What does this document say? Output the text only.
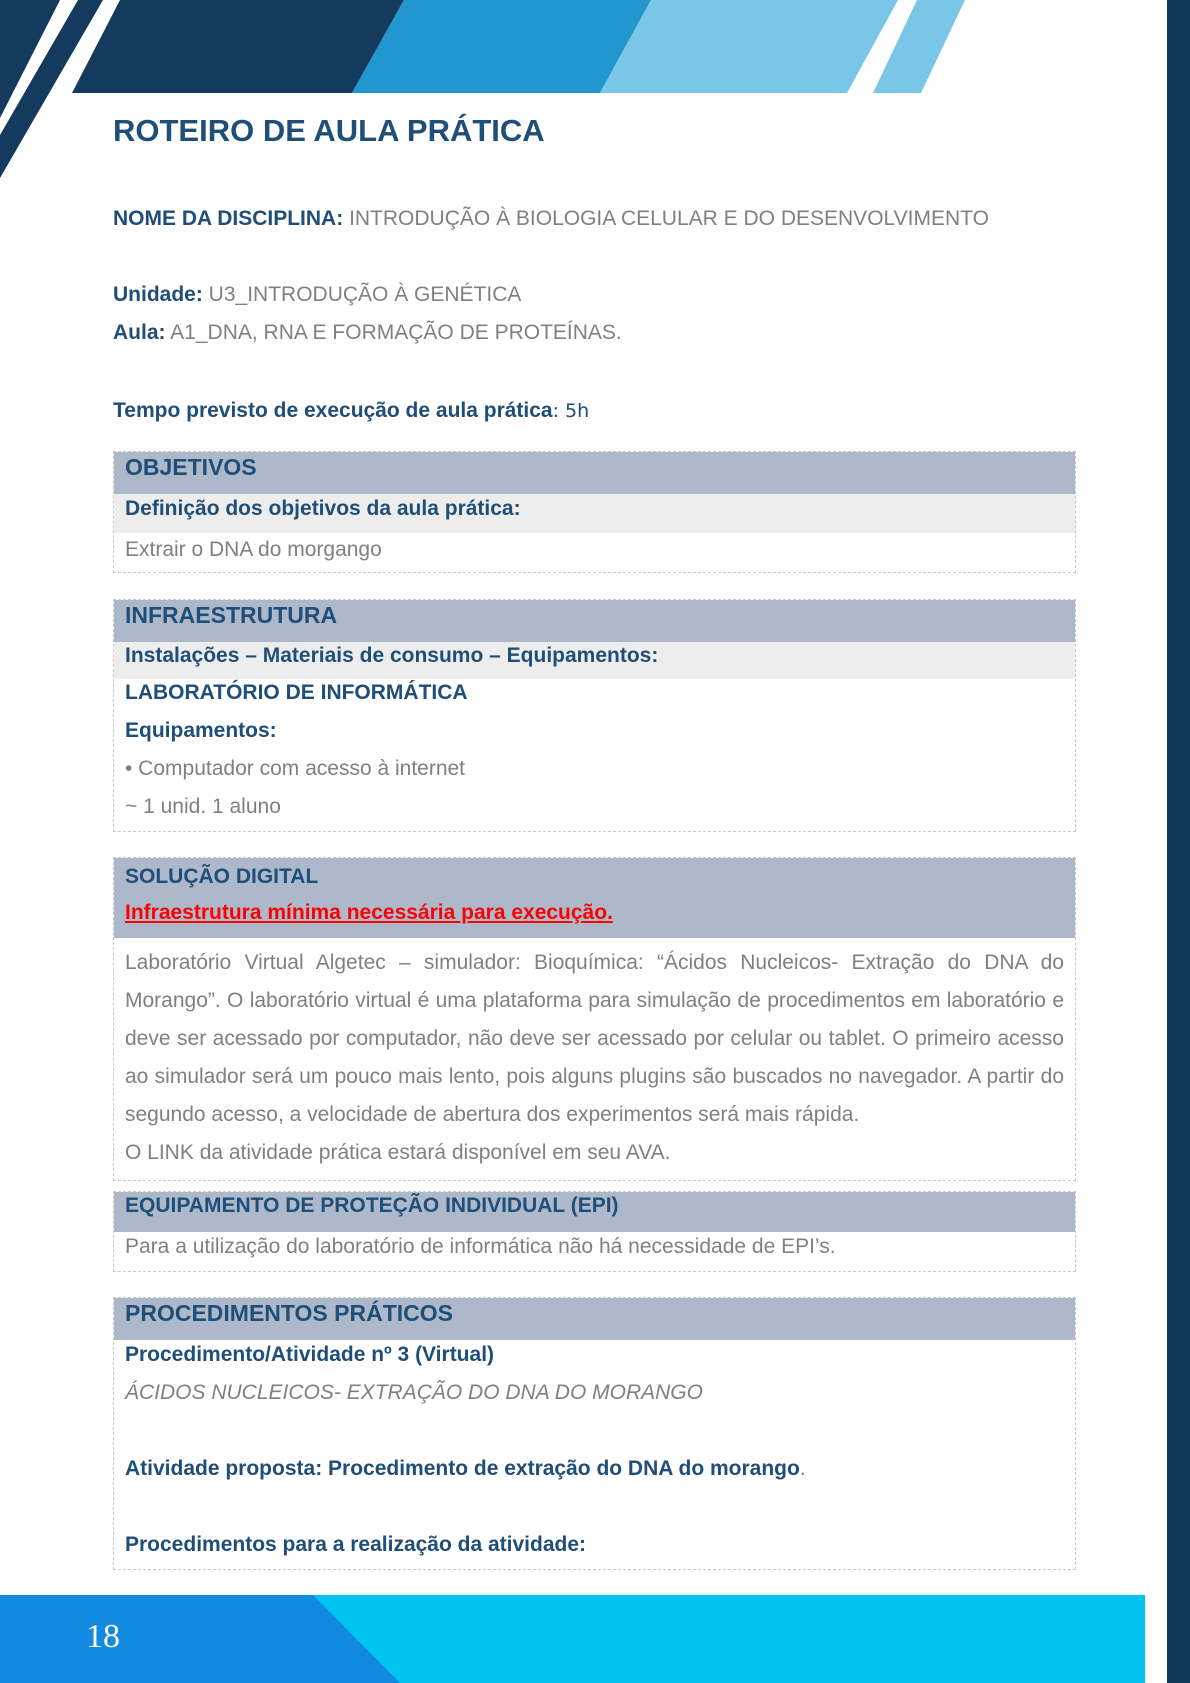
ROTEIRO DE AULA PRÁTICA
NOME DA DISCIPLINA: INTRODUÇÃO À BIOLOGIA CELULAR E DO DESENVOLVIMENTO
Unidade: U3_INTRODUÇÃO À GENÉTICA
Aula: A1_DNA, RNA E FORMAÇÃO DE PROTEÍNAS.
Tempo previsto de execução de aula prática: 5h
OBJETIVOS
Definição dos objetivos da aula prática:
Extrair o DNA do morgango
INFRAESTRUTURA
Instalações – Materiais de consumo – Equipamentos:
LABORATÓRIO DE INFORMÁTICA
Equipamentos:
• Computador com acesso à internet
~ 1 unid. 1 aluno
SOLUÇÃO DIGITAL
Infraestrutura mínima necessária para execução.

Laboratório Virtual Algetec – simulador: Bioquímica: “Ácidos Nucleicos- Extração do DNA do Morango”. O laboratório virtual é uma plataforma para simulação de procedimentos em laboratório e deve ser acessado por computador, não deve ser acessado por celular ou tablet. O primeiro acesso ao simulador será um pouco mais lento, pois alguns plugins são buscados no navegador. A partir do segundo acesso, a velocidade de abertura dos experimentos será mais rápida.

O LINK da atividade prática estará disponível em seu AVA.

EQUIPAMENTO DE PROTEÇÃO INDIVIDUAL (EPI)
Para a utilização do laboratório de informática não há necessidade de EPI’s.
PROCEDIMENTOS PRÁTICOS
Procedimento/Atividade nº 3 (Virtual)
ÁCIDOS NUCLEICOS- EXTRAÇÃO DO DNA DO MORANGO
Atividade proposta: Procedimento de extração do DNA do morango.
Procedimentos para a realização da atividade:
18
